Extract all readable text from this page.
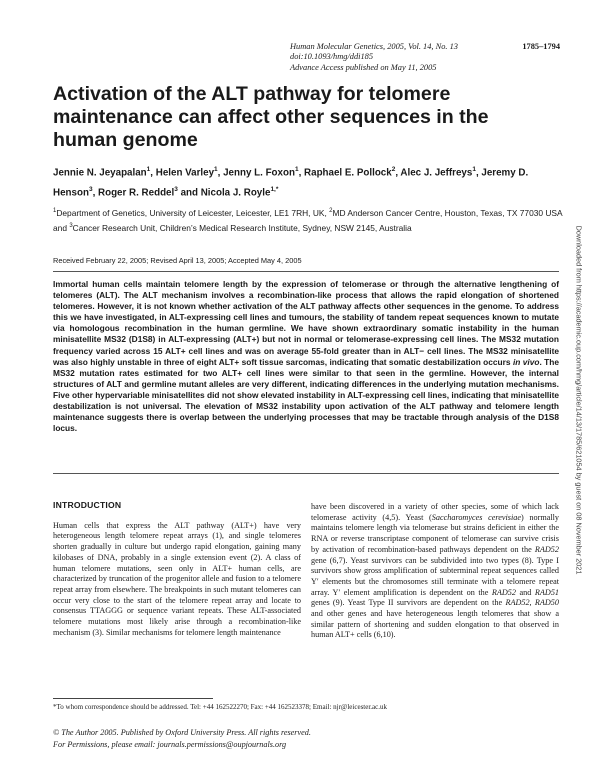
Human Molecular Genetics, 2005, Vol. 14, No. 13	1785–1794
doi:10.1093/hmg/ddi185
Advance Access published on May 11, 2005
Activation of the ALT pathway for telomere maintenance can affect other sequences in the human genome
Jennie N. Jeyapalan$^1$, Helen Varley$^1$, Jenny L. Foxon$^1$, Raphael E. Pollock$^2$, Alec J. Jeffreys$^1$, Jeremy D. Henson$^3$, Roger R. Reddel$^3$ and Nicola J. Royle$^{1,*}$
$^1$Department of Genetics, University of Leicester, Leicester, LE1 7RH, UK, $^2$MD Anderson Cancer Centre, Houston, Texas, TX 77030 USA and $^3$Cancer Research Unit, Children’s Medical Research Institute, Sydney, NSW 2145, Australia
Received February 22, 2005; Revised April 13, 2005; Accepted May 4, 2005
Immortal human cells maintain telomere length by the expression of telomerase or through the alternative lengthening of telomeres (ALT). The ALT mechanism involves a recombination-like process that allows the rapid elongation of shortened telomeres. However, it is not known whether activation of the ALT pathway affects other sequences in the genome. To address this we have investigated, in ALT-expressing cell lines and tumours, the stability of tandem repeat sequences known to mutate via homologous recombination in the human germline. We have shown extraordinary somatic instability in the human minisatellite MS32 (D1S8) in ALT-expressing (ALT+) but not in normal or telomerase-expressing cell lines. The MS32 mutation frequency varied across 15 ALT+ cell lines and was on average 55-fold greater than in ALT− cell lines. The MS32 minisatellite was also highly unstable in three of eight ALT+ soft tissue sarcomas, indicating that somatic destabilization occurs in vivo. The MS32 mutation rates estimated for two ALT+ cell lines were similar to that seen in the germline. However, the internal structures of ALT and germline mutant alleles are very different, indicating differences in the underlying mutation mechanisms. Five other hypervariable minisatellites did not show elevated instability in ALT-expressing cell lines, indicating that minisatellite destabilization is not universal. The elevation of MS32 instability upon activation of the ALT pathway and telomere length maintenance suggests there is overlap between the underlying processes that may be tractable through analysis of the D1S8 locus.
INTRODUCTION

Human cells that express the ALT pathway (ALT+) have very heterogeneous length telomere repeat arrays (1), and single telomeres shorten gradually in culture but undergo rapid elongation, gaining many kilobases of DNA, probably in a single extension event (2). A class of human telomere mutations, seen only in ALT+ human cells, are characterized by truncation of the progenitor allele and fusion to a telomere repeat array from elsewhere. The breakpoints in such mutant telomeres can occur very close to the start of the telomere repeat array and locate to consensus TTAGGG or sequence variant repeats. These ALT-associated telomere mutations most likely arise through a recombination-like mechanism (3). Similar mechanisms for telomere length maintenance

have been discovered in a variety of other species, some of which lack telomerase activity (4,5). Yeast (Saccharomyces cerevisiae) normally maintains telomere length via telomerase but strains deficient in either the RNA or reverse transcriptase component of telomerase can survive crisis by activation of recombination-based pathways dependent on the RAD52 gene (6,7). Yeast survivors can be subdivided into two types (8). Type I survivors show gross amplification of subterminal repeat sequences called Y′ elements but the chromosomes still terminate with a telomere repeat array. Y′ element amplification is dependent on the RAD52 and RAD51 genes (9). Yeast Type II survivors are dependent on the RAD52, RAD50 and other genes and have heterogeneous length telomeres that show a similar pattern of shortening and sudden elongation to that observed in human ALT+ cells (6,10).

*To whom correspondence should be addressed. Tel: +44 162522270; Fax: +44 162523378; Email: njr@leicester.ac.uk
© The Author 2005. Published by Oxford University Press. All rights reserved.
For Permissions, please email: journals.permissions@oupjournals.org
Downloaded from https://academic.oup.com/hmg/article/14/13/1785/621054 by guest on 08 November 2021
